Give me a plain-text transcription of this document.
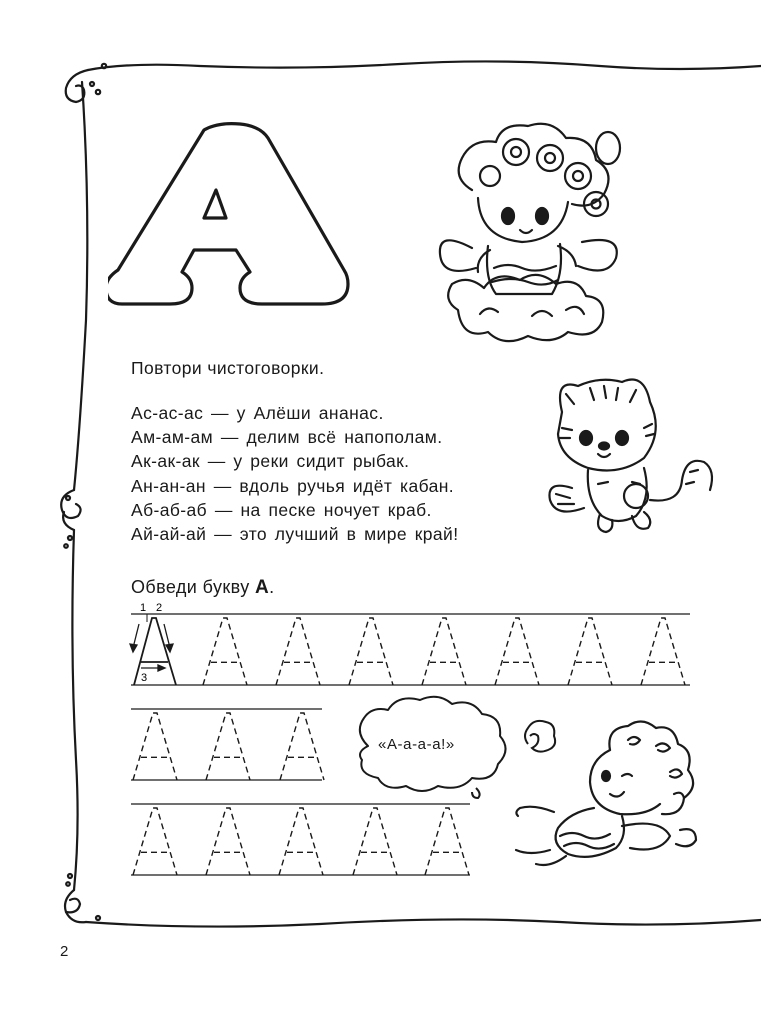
А
Повтори чистоговорки.
Ас-ас-ас — у Алёши ананас.
Ам-ам-ам — делим всё напополам.
Ак-ак-ак — у реки сидит рыбак.
Ан-ан-ан — вдоль ручья идёт кабан.
Аб-аб-аб — на песке ночует краб.
Ай-ай-ай — это лучший в мире край!
Обведи букву А.
1 2
3
«А-а-а-а!»
2
